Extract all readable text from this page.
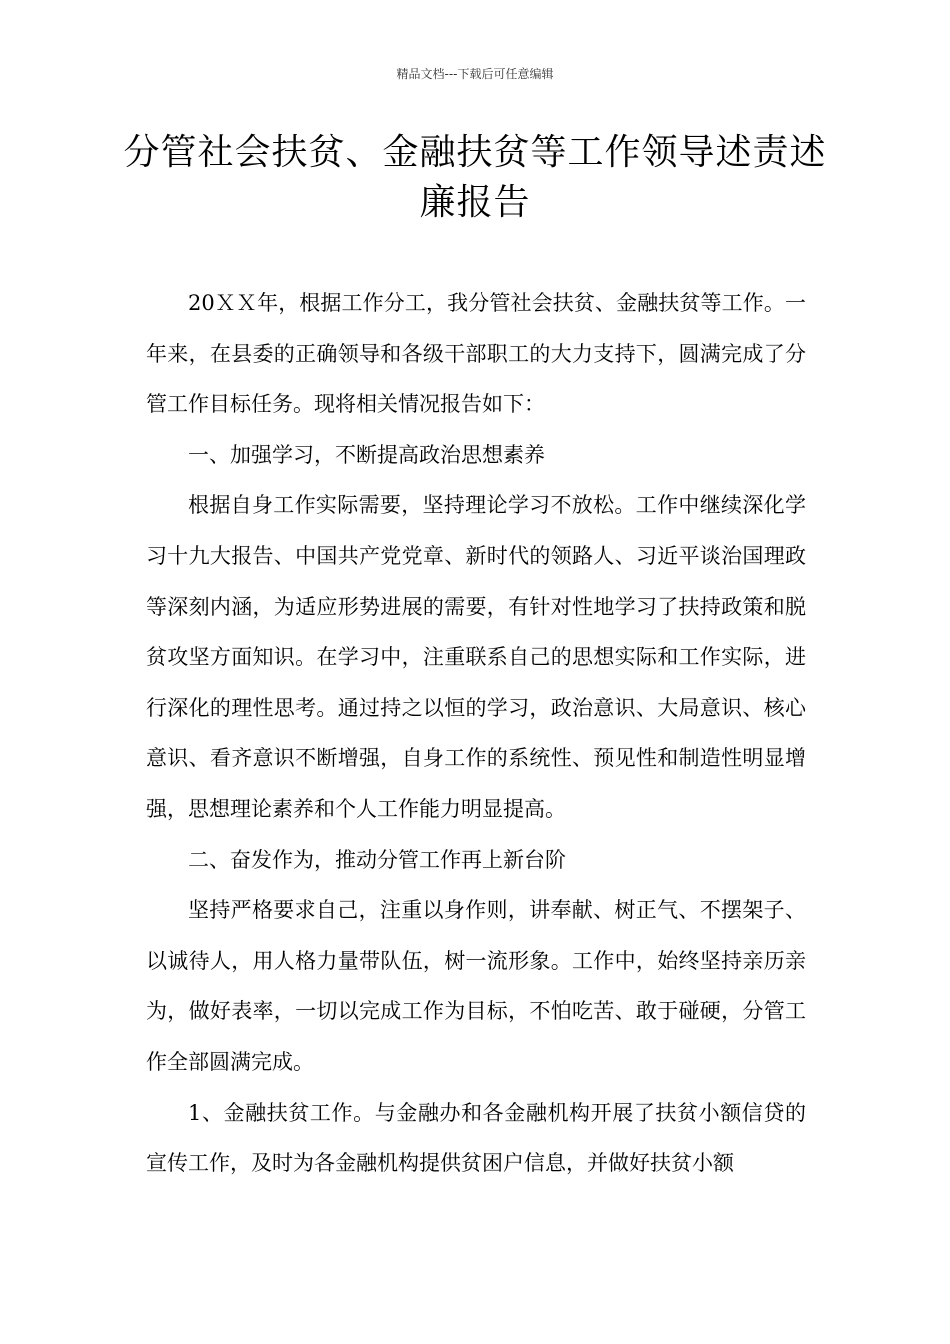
精品文档---下载后可任意编辑
分管社会扶贫、金融扶贫等工作领导述责述廉报告

20ＸＸ年，根据工作分工，我分管社会扶贫、金融扶贫等工作。一年来，在县委的正确领导和各级干部职工的大力支持下，圆满完成了分管工作目标任务。现将相关情况报告如下：

一、加强学习，不断提高政治思想素养

根据自身工作实际需要，坚持理论学习不放松。工作中继续深化学习十九大报告、中国共产党党章、新时代的领路人、习近平谈治国理政等深刻内涵，为适应形势进展的需要，有针对性地学习了扶持政策和脱贫攻坚方面知识。在学习中，注重联系自己的思想实际和工作实际，进行深化的理性思考。通过持之以恒的学习，政治意识、大局意识、核心意识、看齐意识不断增强，自身工作的系统性、预见性和制造性明显增强，思想理论素养和个人工作能力明显提高。

二、奋发作为，推动分管工作再上新台阶

坚持严格要求自己，注重以身作则，讲奉献、树正气、不摆架子、以诚待人，用人格力量带队伍，树一流形象。工作中，始终坚持亲历亲为，做好表率，一切以完成工作为目标，不怕吃苦、敢于碰硬，分管工作全部圆满完成。

1、金融扶贫工作。与金融办和各金融机构开展了扶贫小额信贷的宣传工作，及时为各金融机构提供贫困户信息，并做好扶贫小额
